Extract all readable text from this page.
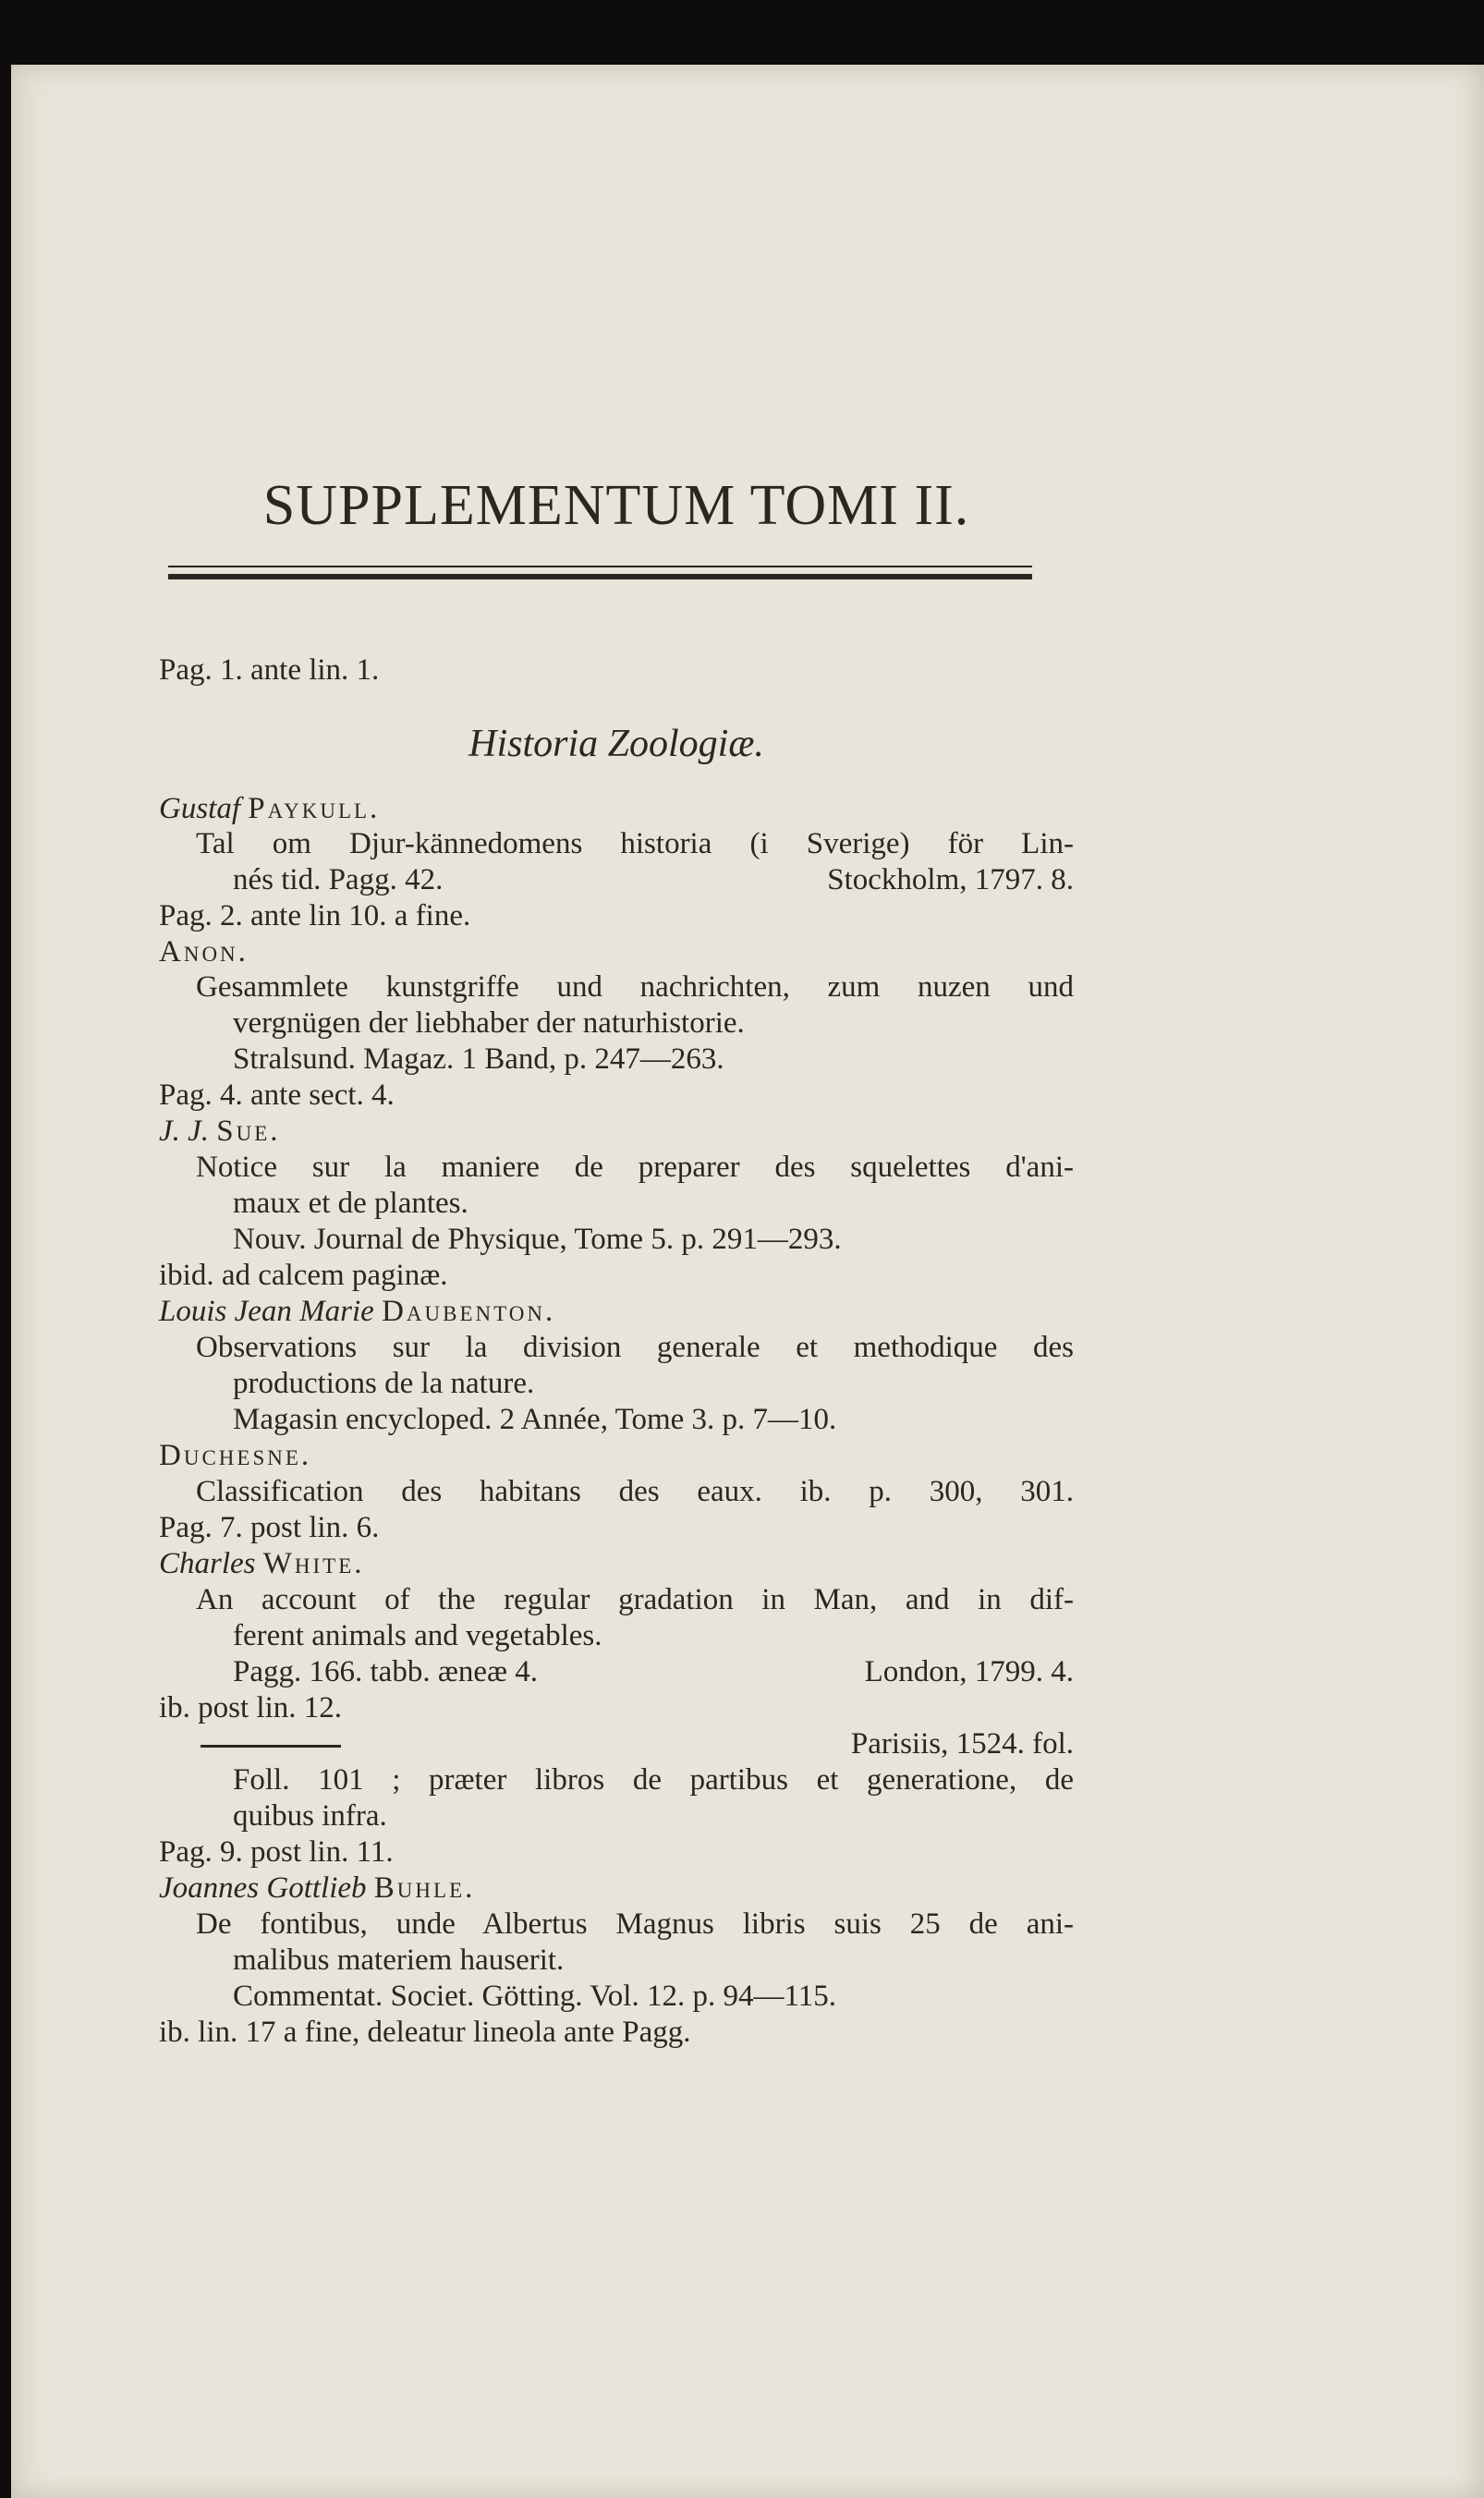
SUPPLEMENTUM TOMI II.
Pag. 1. ante lin. 1.
Historia Zoologiæ.
Gustaf Paykull.
Tal om Djur-kännedomens historia (i Sverige) för Lin-
nés tid. Pagg. 42.	Stockholm, 1797. 8.
Pag. 2. ante lin 10. a fine.
Anon.
Gesammlete kunstgriffe und nachrichten, zum nuzen und
vergnügen der liebhaber der naturhistorie.
Stralsund. Magaz. 1 Band, p. 247—263.
Pag. 4. ante sect. 4.
J. J. Sue.
Notice sur la maniere de preparer des squelettes d'ani-
maux et de plantes.
Nouv. Journal de Physique, Tome 5. p. 291—293.
ibid. ad calcem paginæ.
Louis Jean Marie Daubenton.
Observations sur la division generale et methodique des
productions de la nature.
Magasin encycloped. 2 Année, Tome 3. p. 7—10.
Duchesne.
Classification des habitans des eaux. ib. p. 300, 301.
Pag. 7. post lin. 6.
Charles White.
An account of the regular gradation in Man, and in dif-
ferent animals and vegetables.
Pagg. 166. tabb. æneæ 4.	London, 1799. 4.
ib. post lin. 12.
Parisiis, 1524. fol.
Foll. 101 ; præter libros de partibus et generatione, de
quibus infra.
Pag. 9. post lin. 11.
Joannes Gottlieb Buhle.
De fontibus, unde Albertus Magnus libris suis 25 de ani-
malibus materiem hauserit.
Commentat. Societ. Götting. Vol. 12. p. 94—115.
ib. lin. 17 a fine, deleatur lineola ante Pagg.
